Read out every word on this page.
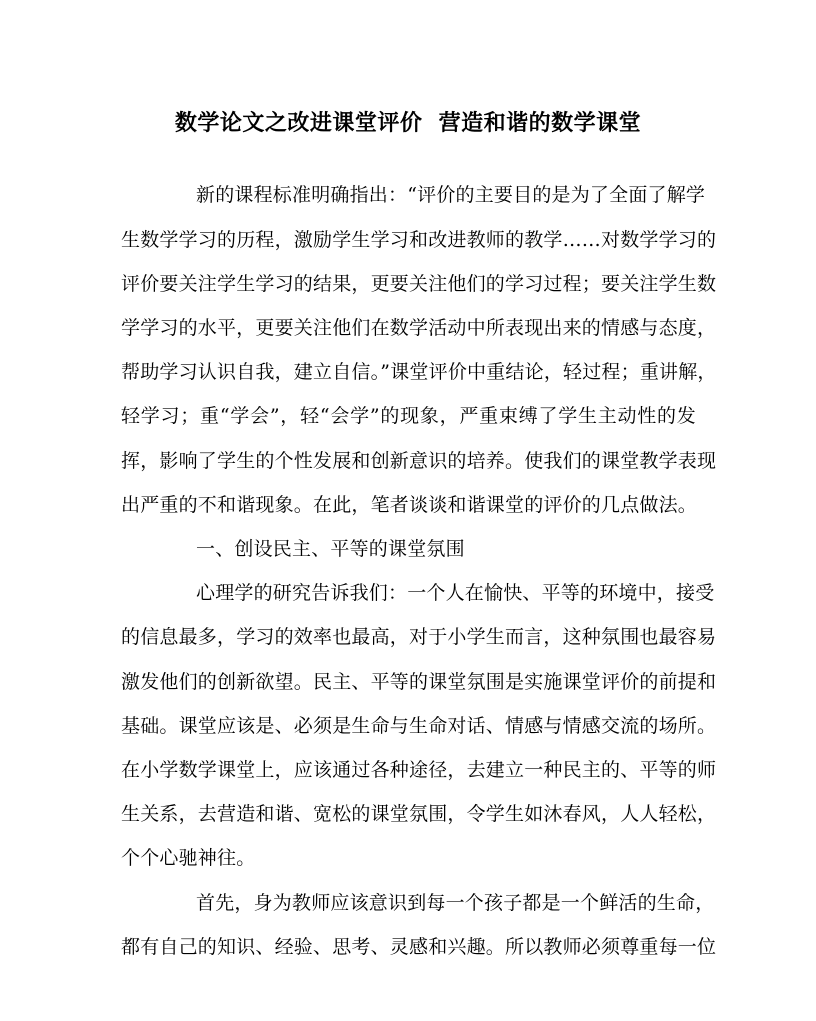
数学论文之改进课堂评价  营造和谐的数学课堂
新的课程标准明确指出：“评价的主要目的是为了全面了解学
生数学学习的历程，激励学生学习和改进教师的教学……对数学学习的
评价要关注学生学习的结果，更要关注他们的学习过程；要关注学生数
学学习的水平，更要关注他们在数学活动中所表现出来的情感与态度，
帮助学习认识自我，建立自信。”课堂评价中重结论，轻过程；重讲解，
轻学习；重“学会”，轻“会学”的现象，严重束缚了学生主动性的发
挥，影响了学生的个性发展和创新意识的培养。使我们的课堂教学表现
出严重的不和谐现象。在此，笔者谈谈和谐课堂的评价的几点做法。
一、创设民主、平等的课堂氛围
心理学的研究告诉我们：一个人在愉快、平等的环境中，接受
的信息最多，学习的效率也最高，对于小学生而言，这种氛围也最容易
激发他们的创新欲望。民主、平等的课堂氛围是实施课堂评价的前提和
基础。课堂应该是、必须是生命与生命对话、情感与情感交流的场所。
在小学数学课堂上，应该通过各种途径，去建立一种民主的、平等的师
生关系，去营造和谐、宽松的课堂氛围，令学生如沐春风，人人轻松，
个个心驰神往。
首先，身为教师应该意识到每一个孩子都是一个鲜活的生命，
都有自己的知识、经验、思考、灵感和兴趣。所以教师必须尊重每一位
